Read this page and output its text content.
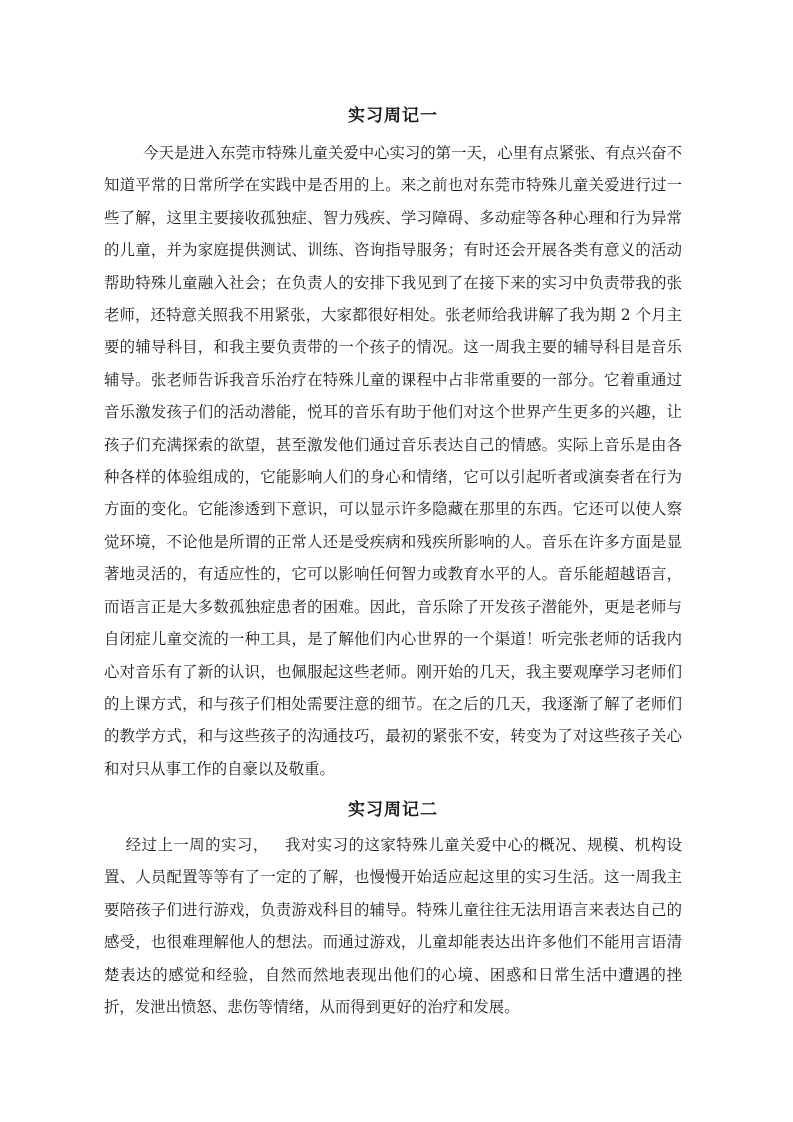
实习周记一

今天是进入东莞市特殊儿童关爱中心实习的第一天，心里有点紧张、有点兴奋不知道平常的日常所学在实践中是否用的上。来之前也对东莞市特殊儿童关爱进行过一些了解，这里主要接收孤独症、智力残疾、学习障碍、多动症等各种心理和行为异常的儿童，并为家庭提供测试、训练、咨询指导服务；有时还会开展各类有意义的活动帮助特殊儿童融入社会；在负责人的安排下我见到了在接下来的实习中负责带我的张老师，还特意关照我不用紧张，大家都很好相处。张老师给我讲解了我为期 2 个月主要的辅导科目，和我主要负责带的一个孩子的情况。这一周我主要的辅导科目是音乐辅导。张老师告诉我音乐治疗在特殊儿童的课程中占非常重要的一部分。它着重通过音乐激发孩子们的活动潜能，悦耳的音乐有助于他们对这个世界产生更多的兴趣，让孩子们充满探索的欲望，甚至激发他们通过音乐表达自己的情感。实际上音乐是由各种各样的体验组成的，它能影响人们的身心和情绪，它可以引起听者或演奏者在行为方面的变化。它能渗透到下意识，可以显示许多隐藏在那里的东西。它还可以使人察觉环境，不论他是所谓的正常人还是受疾病和残疾所影响的人。音乐在许多方面是显著地灵活的，有适应性的，它可以影响任何智力或教育水平的人。音乐能超越语言，而语言正是大多数孤独症患者的困难。因此，音乐除了开发孩子潜能外，更是老师与自闭症儿童交流的一种工具，是了解他们内心世界的一个渠道！听完张老师的话我内心对音乐有了新的认识，也佩服起这些老师。刚开始的几天，我主要观摩学习老师们的上课方式，和与孩子们相处需要注意的细节。在之后的几天，我逐渐了解了老师们的教学方式，和与这些孩子的沟通技巧，最初的紧张不安，转变为了对这些孩子关心和对只从事工作的自豪以及敬重。

实习周记二

经过上一周的实习，   我对实习的这家特殊儿童关爱中心的概况、规模、机构设置、人员配置等等有了一定的了解，也慢慢开始适应起这里的实习生活。这一周我主要陪孩子们进行游戏，负责游戏科目的辅导。特殊儿童往往无法用语言来表达自己的感受，也很难理解他人的想法。而通过游戏，儿童却能表达出许多他们不能用言语清楚表达的感觉和经验，自然而然地表现出他们的心境、困惑和日常生活中遭遇的挫折，发泄出愤怒、悲伤等情绪，从而得到更好的治疗和发展。
